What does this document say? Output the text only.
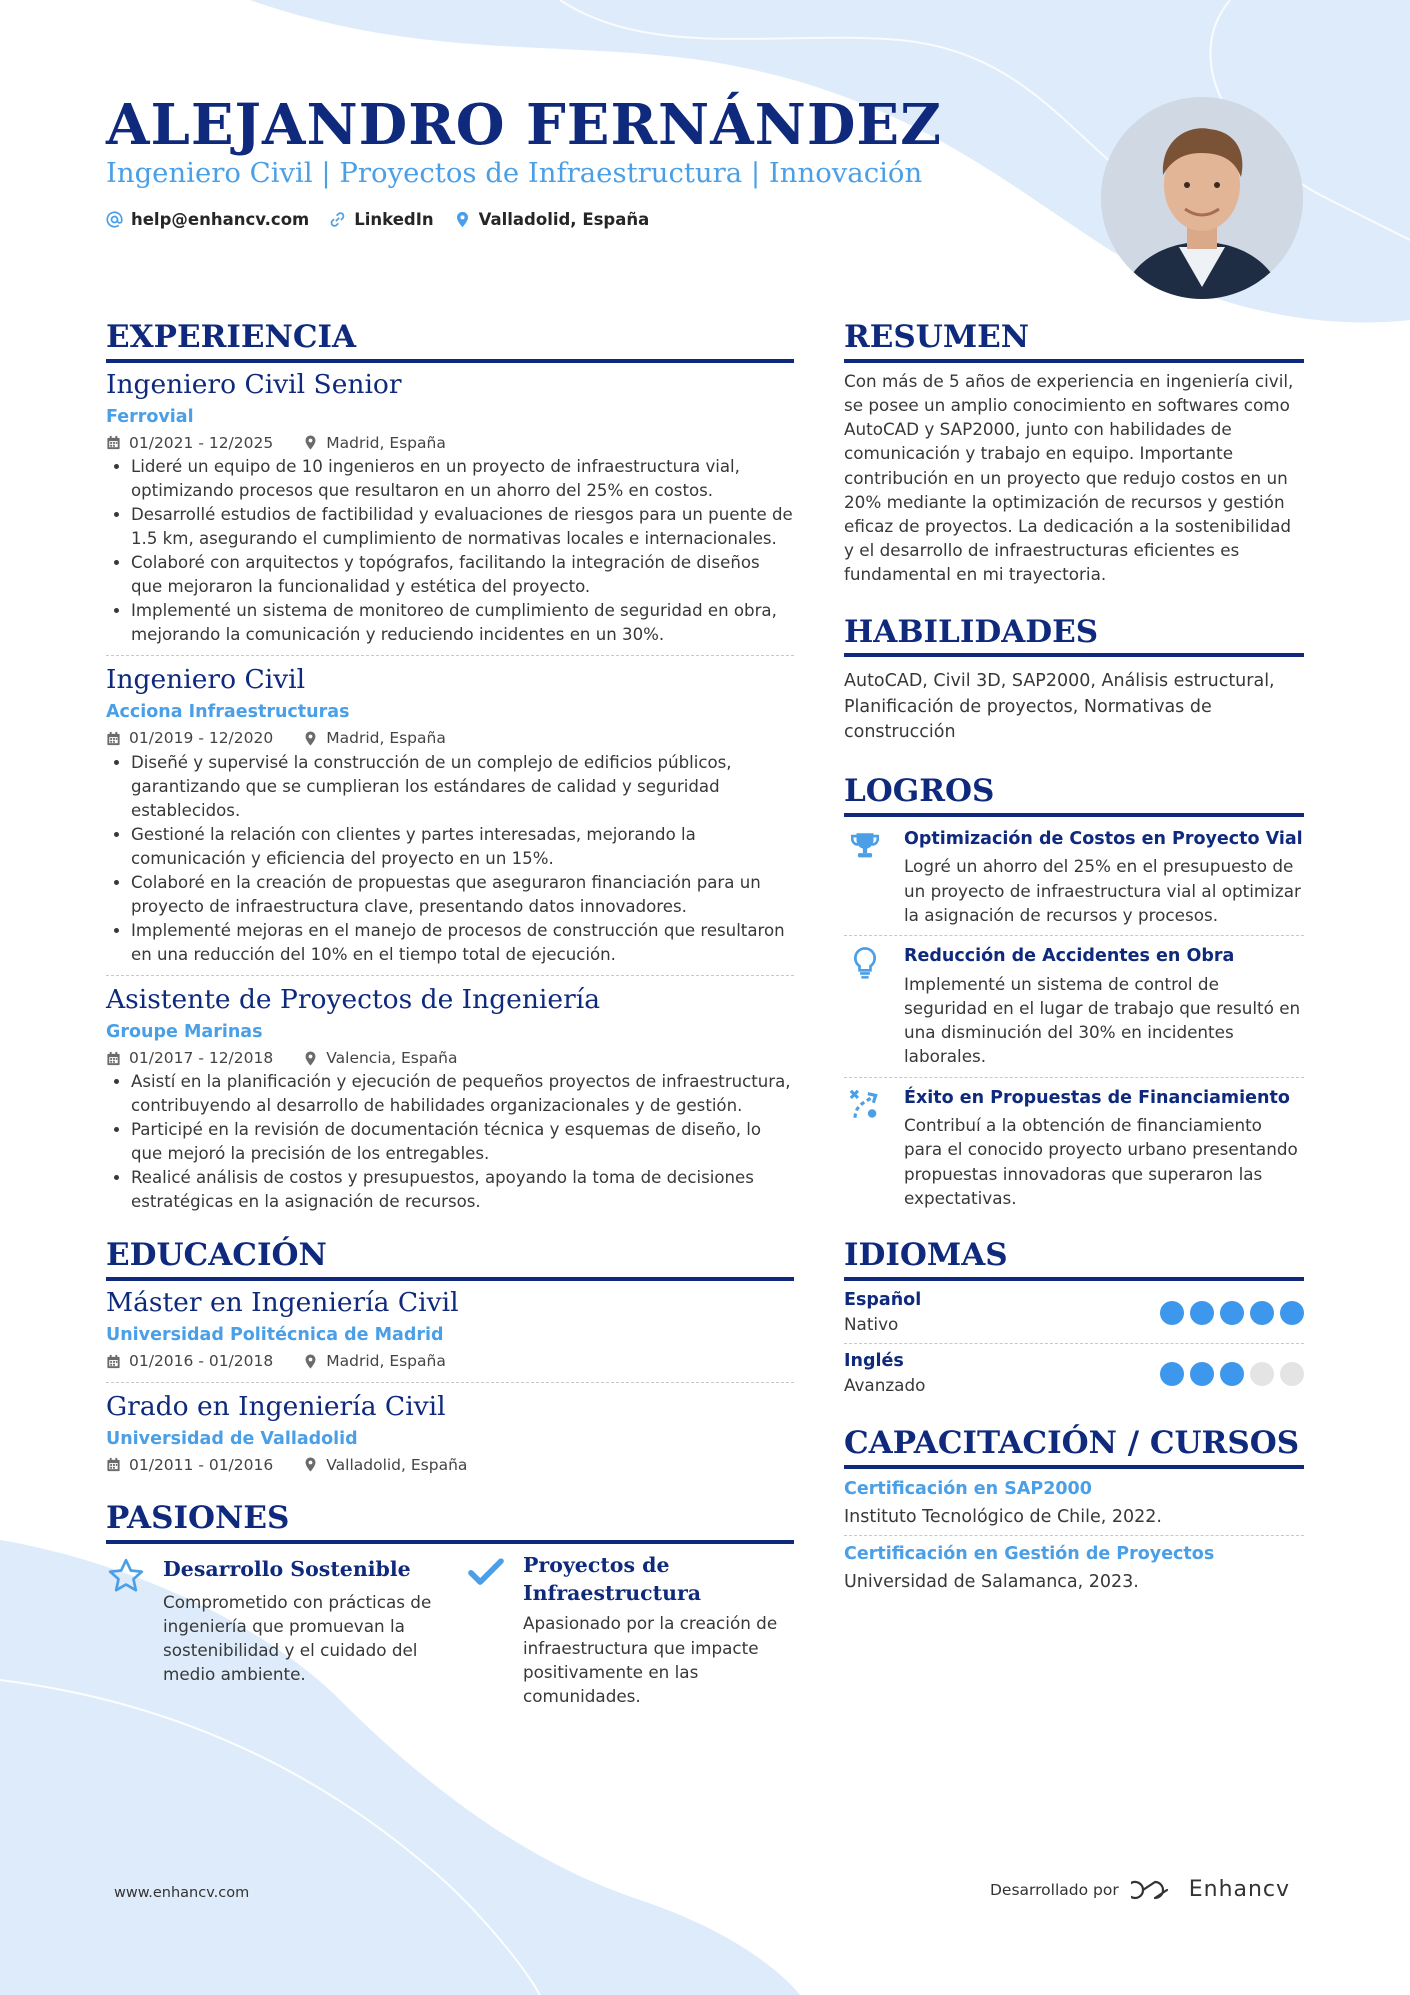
ALEJANDRO FERNÁNDEZ
Ingeniero Civil | Proyectos de Infraestructura | Innovación
help@enhancv.com	LinkedIn	Valladolid, España
EXPERIENCIA
Ingeniero Civil Senior
Ferrovial
01/2021 - 12/2025	Madrid, España
• Lideré un equipo de 10 ingenieros en un proyecto de infraestructura vial, optimizando procesos que resultaron en un ahorro del 25% en costos.
• Desarrollé estudios de factibilidad y evaluaciones de riesgos para un puente de 1.5 km, asegurando el cumplimiento de normativas locales e internacionales.
• Colaboré con arquitectos y topógrafos, facilitando la integración de diseños que mejoraron la funcionalidad y estética del proyecto.
• Implementé un sistema de monitoreo de cumplimiento de seguridad en obra, mejorando la comunicación y reduciendo incidentes en un 30%.
Ingeniero Civil
Acciona Infraestructuras
01/2019 - 12/2020	Madrid, España
• Diseñé y supervisé la construcción de un complejo de edificios públicos, garantizando que se cumplieran los estándares de calidad y seguridad establecidos.
• Gestioné la relación con clientes y partes interesadas, mejorando la comunicación y eficiencia del proyecto en un 15%.
• Colaboré en la creación de propuestas que aseguraron financiación para un proyecto de infraestructura clave, presentando datos innovadores.
• Implementé mejoras en el manejo de procesos de construcción que resultaron en una reducción del 10% en el tiempo total de ejecución.
Asistente de Proyectos de Ingeniería
Groupe Marinas
01/2017 - 12/2018	Valencia, España
• Asistí en la planificación y ejecución de pequeños proyectos de infraestructura, contribuyendo al desarrollo de habilidades organizacionales y de gestión.
• Participé en la revisión de documentación técnica y esquemas de diseño, lo que mejoró la precisión de los entregables.
• Realicé análisis de costos y presupuestos, apoyando la toma de decisiones estratégicas en la asignación de recursos.
EDUCACIÓN
Máster en Ingeniería Civil
Universidad Politécnica de Madrid
01/2016 - 01/2018	Madrid, España
Grado en Ingeniería Civil
Universidad de Valladolid
01/2011 - 01/2016	Valladolid, España
PASIONES
Desarrollo Sostenible
Comprometido con prácticas de ingeniería que promuevan la sostenibilidad y el cuidado del medio ambiente.
Proyectos de Infraestructura
Apasionado por la creación de infraestructura que impacte positivamente en las comunidades.
RESUMEN
Con más de 5 años de experiencia en ingeniería civil, se posee un amplio conocimiento en softwares como AutoCAD y SAP2000, junto con habilidades de comunicación y trabajo en equipo. Importante contribución en un proyecto que redujo costos en un 20% mediante la optimización de recursos y gestión eficaz de proyectos. La dedicación a la sostenibilidad y el desarrollo de infraestructuras eficientes es fundamental en mi trayectoria.
HABILIDADES
AutoCAD, Civil 3D, SAP2000, Análisis estructural, Planificación de proyectos, Normativas de construcción
LOGROS
Optimización de Costos en Proyecto Vial
Logré un ahorro del 25% en el presupuesto de un proyecto de infraestructura vial al optimizar la asignación de recursos y procesos.
Reducción de Accidentes en Obra
Implementé un sistema de control de seguridad en el lugar de trabajo que resultó en una disminución del 30% en incidentes laborales.
Éxito en Propuestas de Financiamiento
Contribuí a la obtención de financiamiento para el conocido proyecto urbano presentando propuestas innovadoras que superaron las expectativas.
IDIOMAS
Español
Nativo
Inglés
Avanzado
CAPACITACIÓN / CURSOS
Certificación en SAP2000
Instituto Tecnológico de Chile, 2022.
Certificación en Gestión de Proyectos
Universidad de Salamanca, 2023.
www.enhancv.com	Desarrollado por	Enhancv
